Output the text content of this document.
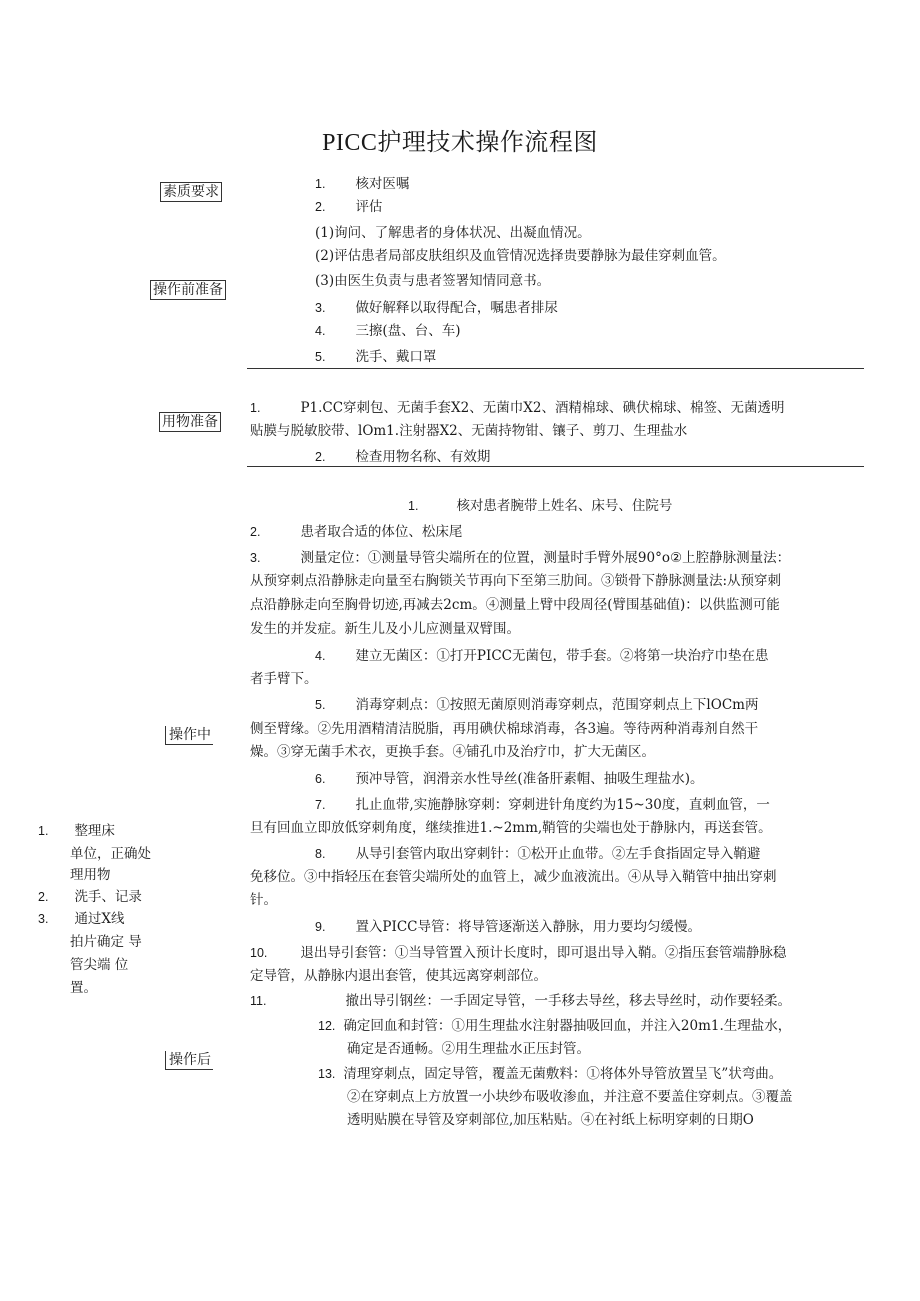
PICC护理技术操作流程图
素质要求
操作前准备
用物准备
操作中
操作后
1. 核对医嘱
2. 评估
(1)询问、了解患者的身体状况、出凝血情况。
(2)评估患者局部皮肤组织及血管情况选择贵要静脉为最佳穿刺血管。
(3)由医生负责与患者签署知情同意书。
3. 做好解释以取得配合，嘱患者排尿
4. 三擦(盘、台、车)
5. 洗手、戴口罩
1.	P1.CC穿刺包、无菌手套X2、无菌巾X2、酒精棉球、碘伏棉球、棉签、无菌透明
贴膜与脱敏胶带、lOm1.注射器X2、无菌持物钳、镶子、剪刀、生理盐水
2. 检查用物名称、有效期
1.	核对患者腕带上姓名、床号、住院号
2.	患者取合适的体位、松床尾
3.	测量定位：①测量导管尖端所在的位置，测量时手臂外展90°o②上腔静脉测量法：
从预穿刺点沿静脉走向量至右胸锁关节再向下至第三肋间。③锁骨下静脉测量法:从预穿刺
点沿静脉走向至胸骨切迹,再减去2cm。④测量上臂中段周径(臂围基础值)：以供监测可能
发生的并发症。新生儿及小儿应测量双臂围。
4. 建立无菌区：①打开PICC无菌包，带手套。②将第一块治疗巾垫在患
者手臂下。
5. 消毒穿刺点：①按照无菌原则消毒穿刺点，范围穿刺点上下lOCm两
侧至臂缘。②先用酒精清洁脱脂，再用碘伏棉球消毒，各3遍。等待两种消毒剂自然干
燥。③穿无菌手术衣，更换手套。④铺孔巾及治疗巾，扩大无菌区。
6. 预冲导管，润滑亲水性导丝(准备肝素帽、抽吸生理盐水)。
7. 扎止血带,实施静脉穿刺：穿刺进针角度约为15~30度，直刺血管，一
旦有回血立即放低穿刺角度，继续推进1.~2mm,鞘管的尖端也处于静脉内，再送套管。
8. 从导引套管内取出穿刺针：①松开止血带。②左手食指固定导入鞘避
免移位。③中指轻压在套管尖端所处的血管上，减少血液流出。④从导入鞘管中抽出穿刺
针。
9. 置入PICC导管：将导管逐渐送入静脉，用力要均匀缓慢。
10. 退出导引套管：①当导管置入预计长度时，即可退出导入鞘。②指压套管端静脉稳
定导管，从静脉内退出套管，使其远离穿刺部位。
11.	撤出导引钢丝：一手固定导管，一手移去导丝，移去导丝时，动作要轻柔。
12. 确定回血和封管：①用生理盐水注射器抽吸回血，并注入20m1.生理盐水，
确定是否通畅。②用生理盐水正压封管。
13. 清理穿刺点，固定导管，覆盖无菌敷料：①将体外导管放置呈飞”状弯曲。
②在穿刺点上方放置一小块纱布吸收渗血，并注意不要盖住穿刺点。③覆盖
透明贴膜在导管及穿刺部位,加压粘贴。④在衬纸上标明穿刺的日期O
1. 整理床
单位，正确处
理用物
2. 洗手、记录
3. 通过X线
拍片确定 导
管尖端 位
置。
